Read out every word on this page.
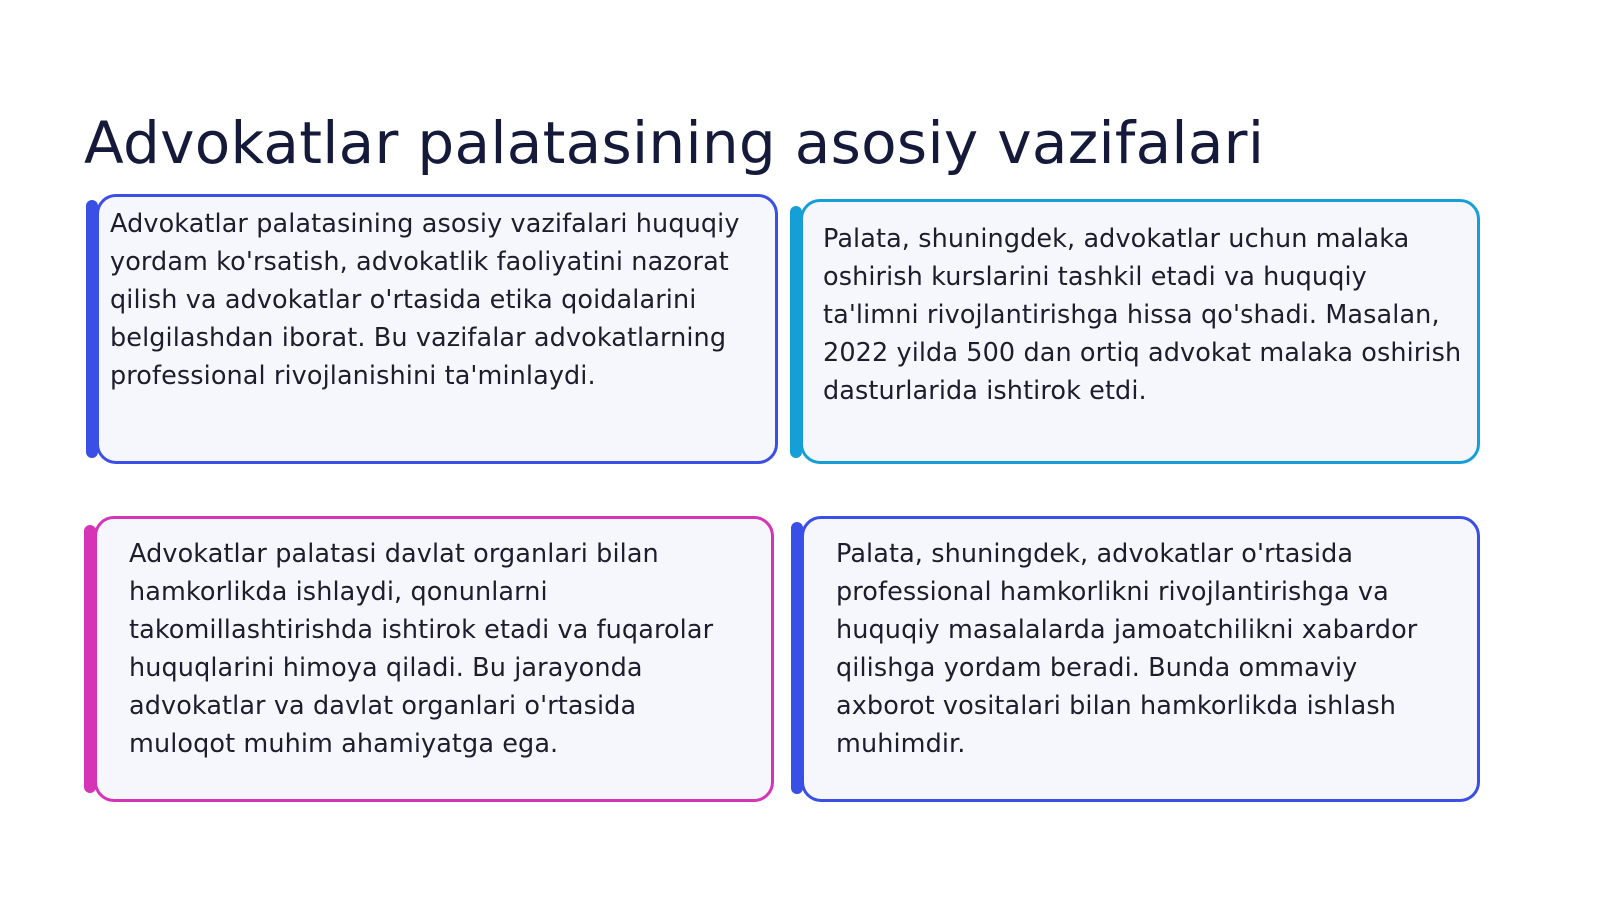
Advokatlar palatasining asosiy vazifalari

Advokatlar palatasining asosiy vazifalari huquqiy yordam ko'rsatish, advokatlik faoliyatini nazorat qilish va advokatlar o'rtasida etika qoidalarini belgilashdan iborat. Bu vazifalar advokatlarning professional rivojlanishini ta'minlaydi.

Palata, shuningdek, advokatlar uchun malaka oshirish kurslarini tashkil etadi va huquqiy ta'limni rivojlantirishga hissa qo'shadi. Masalan, 2022 yilda 500 dan ortiq advokat malaka oshirish dasturlarida ishtirok etdi.

Advokatlar palatasi davlat organlari bilan hamkorlikda ishlaydi, qonunlarni takomillashtirishda ishtirok etadi va fuqarolar huquqlarini himoya qiladi. Bu jarayonda advokatlar va davlat organlari o'rtasida muloqot muhim ahamiyatga ega.

Palata, shuningdek, advokatlar o'rtasida professional hamkorlikni rivojlantirishga va huquqiy masalalarda jamoatchilikni xabardor qilishga yordam beradi. Bunda ommaviy axborot vositalari bilan hamkorlikda ishlash muhimdir.
